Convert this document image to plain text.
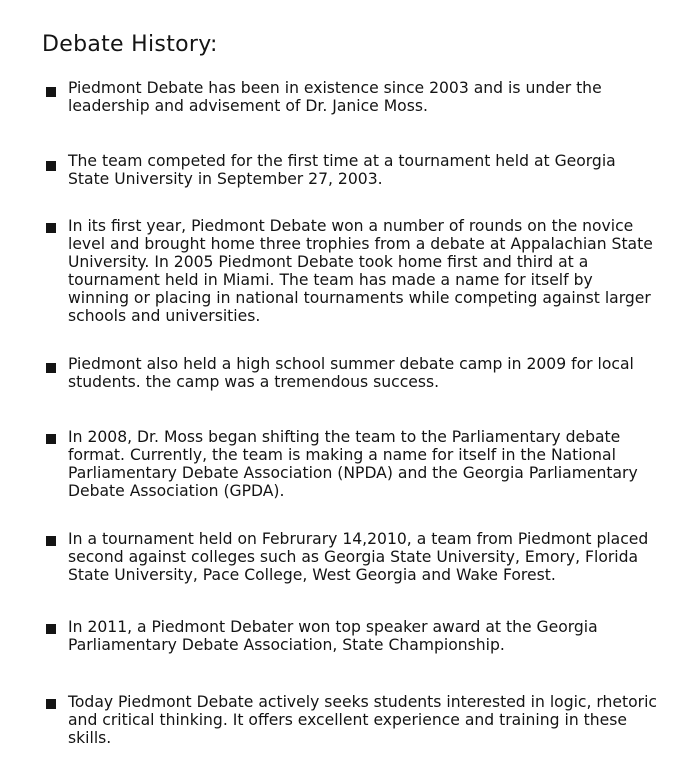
Debate History:
Piedmont Debate has been in existence since 2003 and is under the
leadership and advisement of Dr. Janice Moss.
The team competed for the first time at a tournament held at Georgia
State University in September 27, 2003.
In its first year, Piedmont Debate won a number of rounds on the novice
level and brought home three trophies from a debate at Appalachian State
University. In 2005 Piedmont Debate took home first and third at a
tournament held in Miami. The team has made a name for itself by
winning or placing in national tournaments while competing against larger
schools and universities.
Piedmont also held a high school summer debate camp in 2009 for local
students. the camp was a tremendous success.
In 2008, Dr. Moss began shifting the team to the Parliamentary debate
format. Currently, the team is making a name for itself in the National
Parliamentary Debate Association (NPDA) and the Georgia Parliamentary
Debate Association (GPDA).
In a tournament held on Februrary 14,2010, a team from Piedmont placed
second against colleges such as Georgia State University, Emory, Florida
State University, Pace College, West Georgia and Wake Forest.
In 2011, a Piedmont Debater won top speaker award at the Georgia
Parliamentary Debate Association, State Championship.
Today Piedmont Debate actively seeks students interested in logic, rhetoric
and critical thinking. It offers excellent experience and training in these
skills.
